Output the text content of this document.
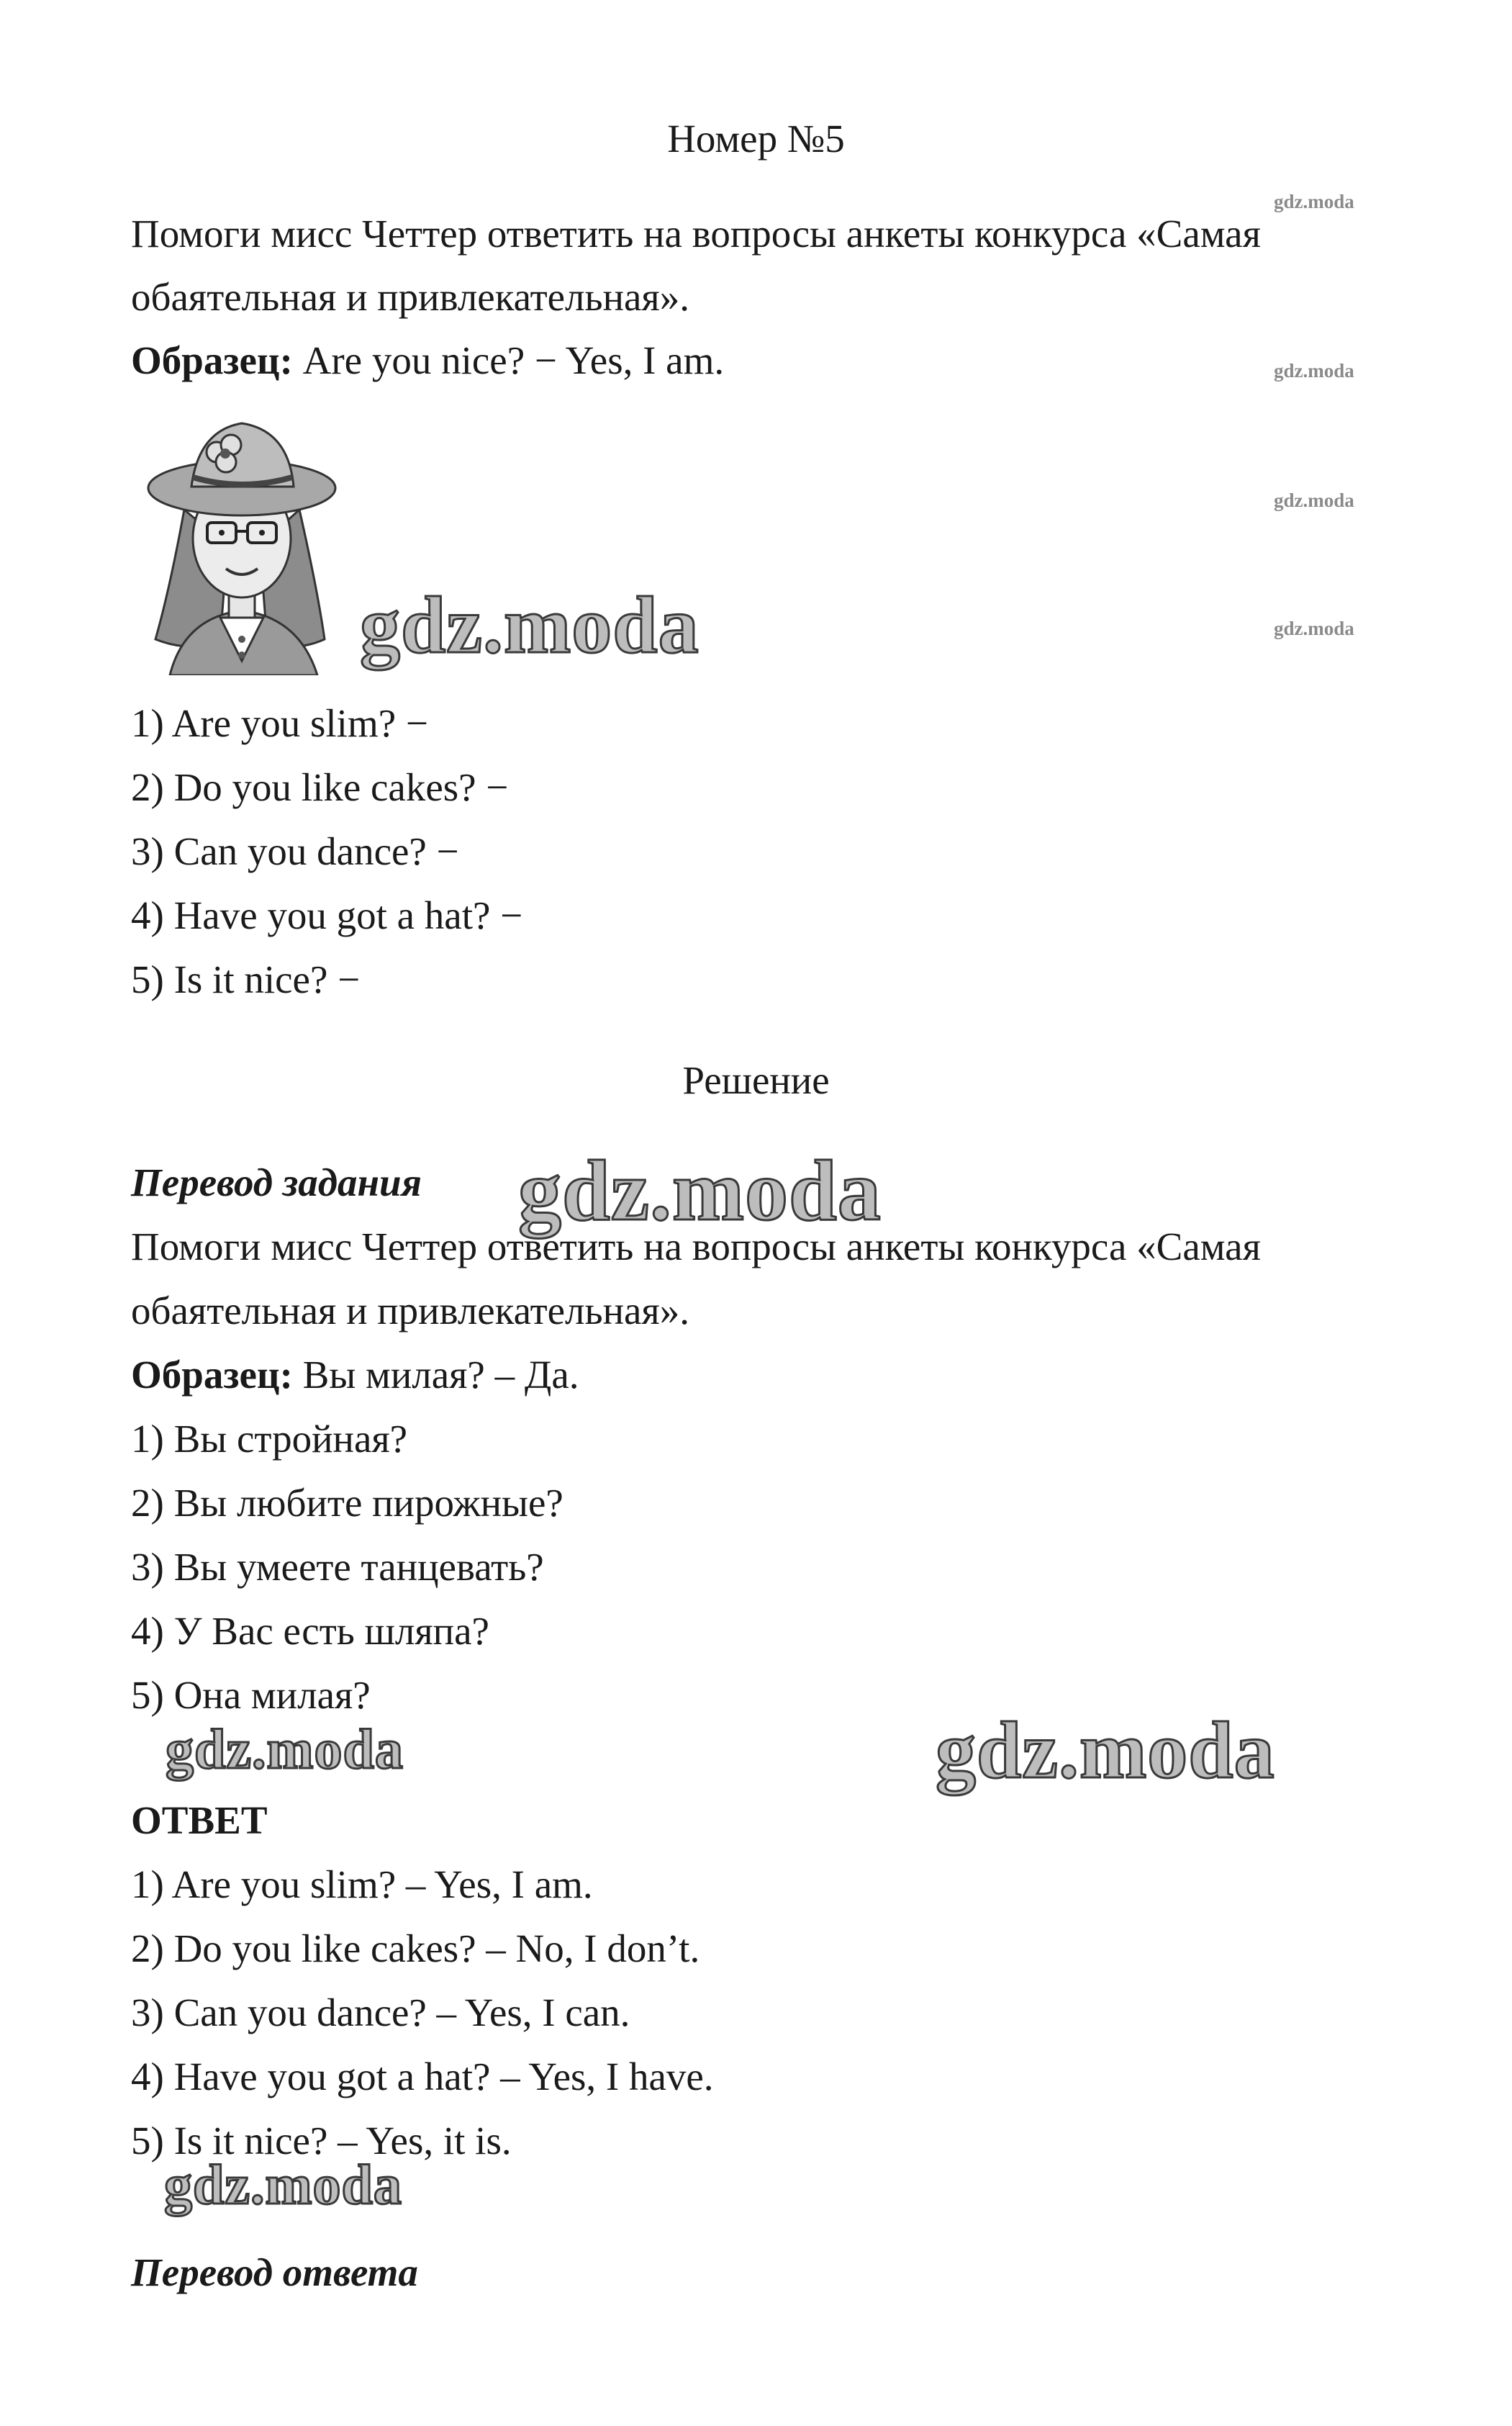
Номер №5
Помоги мисс Четтер ответить на вопросы анкеты конкурса «Самая
обаятельная и привлекательная».
Образец: Are you nice? − Yes, I am.
gdz.moda
gdz.moda
gdz.moda
gdz.moda
gdz.moda
1) Are you slim? −
2) Do you like cakes? −
3) Can you dance? −
4) Have you got a hat? −
5) Is it nice? −
Решение
gdz.moda
Перевод задания
Помоги мисс Четтер ответить на вопросы анкеты конкурса «Самая
обаятельная и привлекательная».
Образец: Вы милая? – Да.
1) Вы стройная?
2) Вы любите пирожные?
3) Вы умеете танцевать?
4) У Вас есть шляпа?
5) Она милая?
gdz.moda	gdz.moda
ОТВЕТ
1) Are you slim? – Yes, I am.
2) Do you like cakes? – No, I don’t.
3) Can you dance? – Yes, I can.
4) Have you got a hat? – Yes, I have.
5) Is it nice? – Yes, it is.
gdz.moda
Перевод ответа
